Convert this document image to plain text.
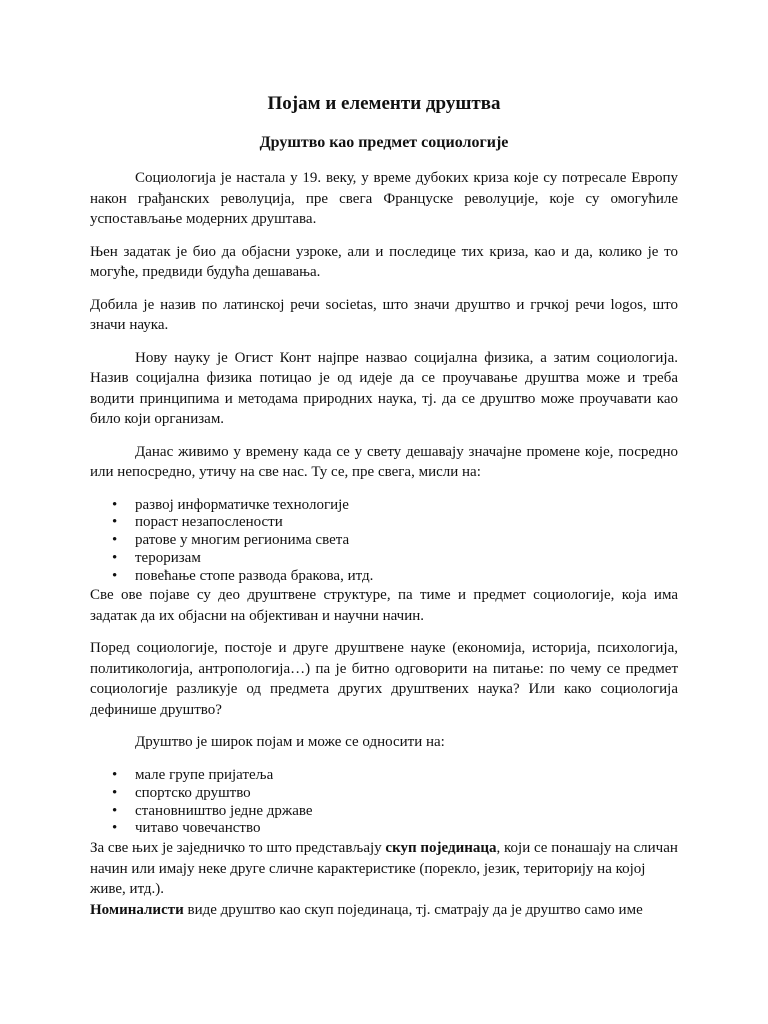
Појам и елементи друштва
Друштво као предмет социологије

Социологија је настала у 19. веку, у време дубоких криза које су потресале Европу након грађанских револуција, пре свега Француске револуције, које су омогућиле успостављање модерних друштава.

Њен задатак је био да објасни узроке, али и последице тих криза, као и да, колико је то могуће, предвиди будућа дешавања.

Добила је назив по латинској речи societas, што значи друштво и грчкој речи logos, што значи наука.

Нову науку је Огист Конт најпре назвао социјална физика, а затим социологија. Назив социјална физика потицао је од идеје да се проучавање друштва може и треба водити принципима и методама природних наука, тј. да се друштво може проучавати као било који организам.

Данас живимо у времену када се у свету дешавају значајне промене које, посредно или непосредно, утичу на све нас. Ту се, пре свега, мисли на:

• развој информатичке технологије
• пораст незапослености
• ратове у многим регионима света
• тероризам
• повећање стопе развода бракова, итд.

Све ове појаве су део друштвене структуре, па тиме и предмет социологије, која има задатак да их објасни на објективан и научни начин.

Поред социологије, постоје и друге друштвене науке (економија, историја, психологија, политикологија, антропологија…) па је битно одговорити на питање: по чему се предмет социологије разликује од предмета других друштвених наука? Или како социологија дефинише друштво?

Друштво је широк појам и може се односити на:

• мале групе пријатеља
• спортско друштво
• становништво једне државе
• читаво човечанство

За све њих је заједничко то што представљају скуп појединаца, који се понашају на сличан начин или имају неке друге сличне карактеристике (порекло, језик, територију на којој живе, итд.).

Номиналисти виде друштво као скуп појединаца, тј. сматрају да је друштво само име
